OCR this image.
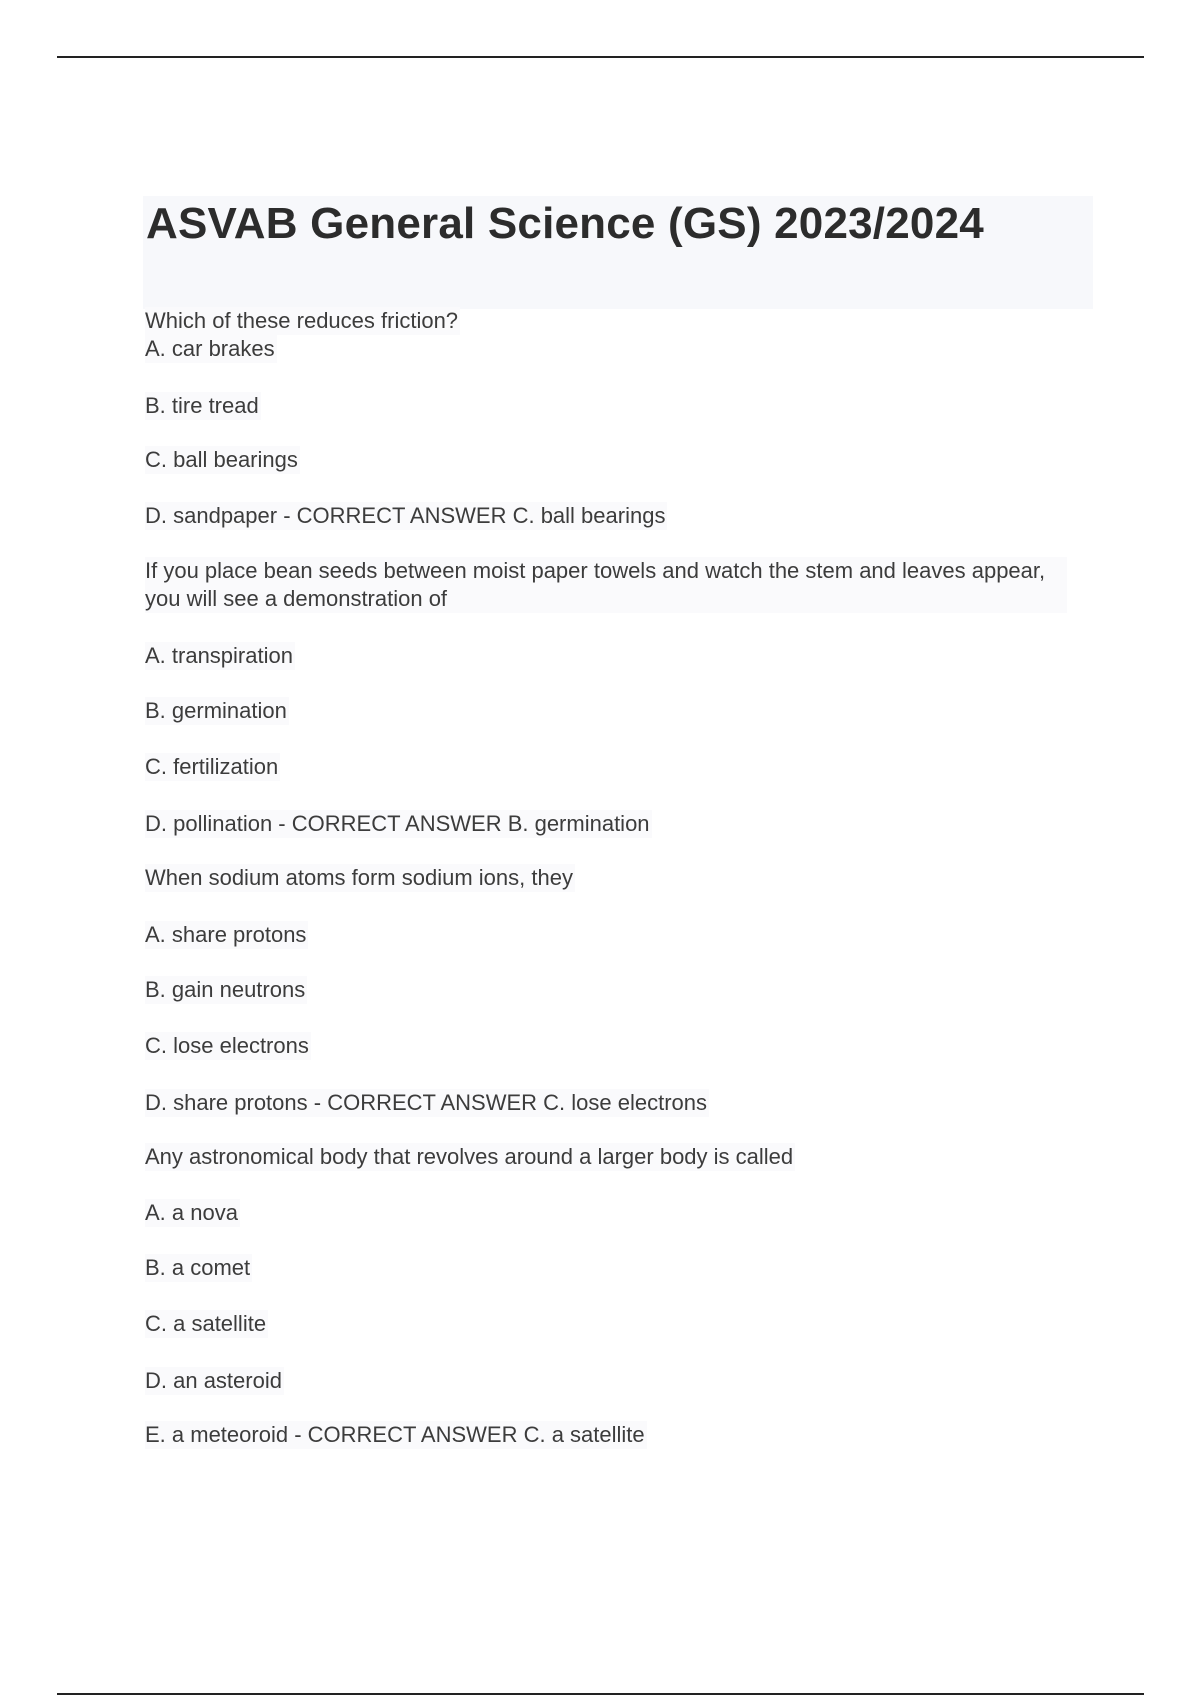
ASVAB General Science (GS) 2023/2024
Which of these reduces friction?
A. car brakes
B. tire tread
C. ball bearings
D. sandpaper - CORRECT ANSWER C. ball bearings
If you place bean seeds between moist paper towels and watch the stem and leaves appear, you will see a demonstration of
A. transpiration
B. germination
C. fertilization
D. pollination - CORRECT ANSWER B. germination
When sodium atoms form sodium ions, they
A. share protons
B. gain neutrons
C. lose electrons
D. share protons - CORRECT ANSWER C. lose electrons
Any astronomical body that revolves around a larger body is called
A. a nova
B. a comet
C. a satellite
D. an asteroid
E. a meteoroid - CORRECT ANSWER C. a satellite
